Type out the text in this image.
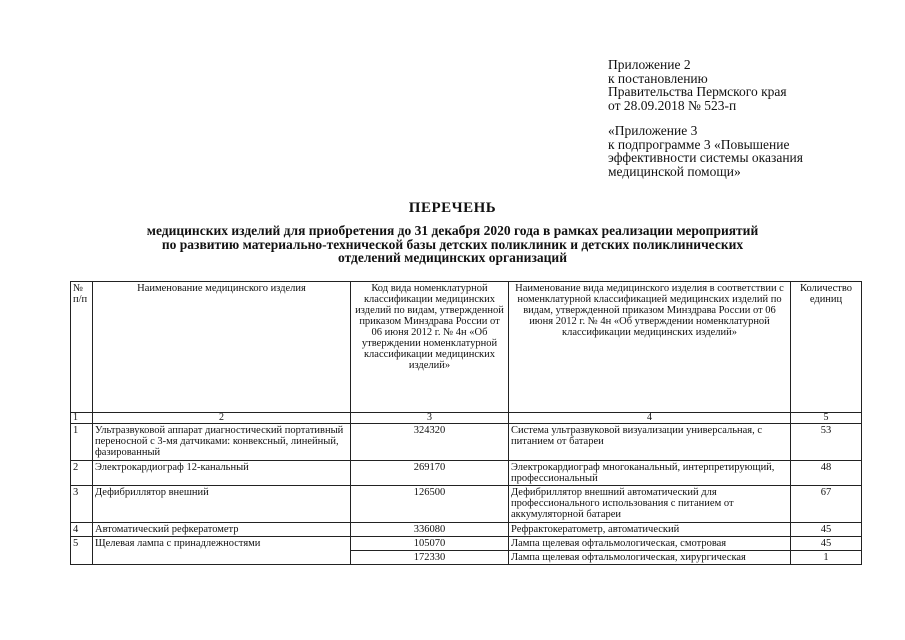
Приложение 2
к постановлению
Правительства Пермского края
от 28.09.2018 № 523-п
«Приложение 3
к подпрограмме 3 «Повышение
эффективности системы оказания
медицинской помощи»
ПЕРЕЧЕНЬ
медицинских изделий для приобретения до 31 декабря 2020 года в рамках реализации мероприятий
по развитию материально-технической базы детских поликлиник и детских поликлинических
отделений медицинских организаций
№ п/п	Наименование медицинского изделия	Код вида номенклатурной классификации медицинских изделий по видам, утвержденной приказом Минздрава России от 06 июня 2012 г. № 4н «Об утверждении номенклатурной классификации медицинских изделий»	Наименование вида медицинского изделия в соответствии с номенклатурной классификацией медицинских изделий по видам, утвержденной приказом Минздрава России от 06 июня 2012 г. № 4н «Об утверждении номенклатурной классификации медицинских изделий»	Количество единиц
1	2	3	4	5
1	Ультразвуковой аппарат диагностический портативный переносной с 3-мя датчиками: конвексный, линейный, фазированный	324320	Система ультразвуковой визуализации универсальная, с питанием от батареи	53
2	Электрокардиограф 12-канальный	269170	Электрокардиограф многоканальный, интерпретирующий, профессиональный	48
3	Дефибриллятор внешний	126500	Дефибриллятор внешний автоматический для профессионального использования с питанием от аккумуляторной батареи	67
4	Автоматический рефкератометр	336080	Рефрактокератометр, автоматический	45
5	Щелевая лампа с принадлежностями	105070	Лампа щелевая офтальмологическая, смотровая	45
		172330	Лампа щелевая офтальмологическая, хирургическая	1
